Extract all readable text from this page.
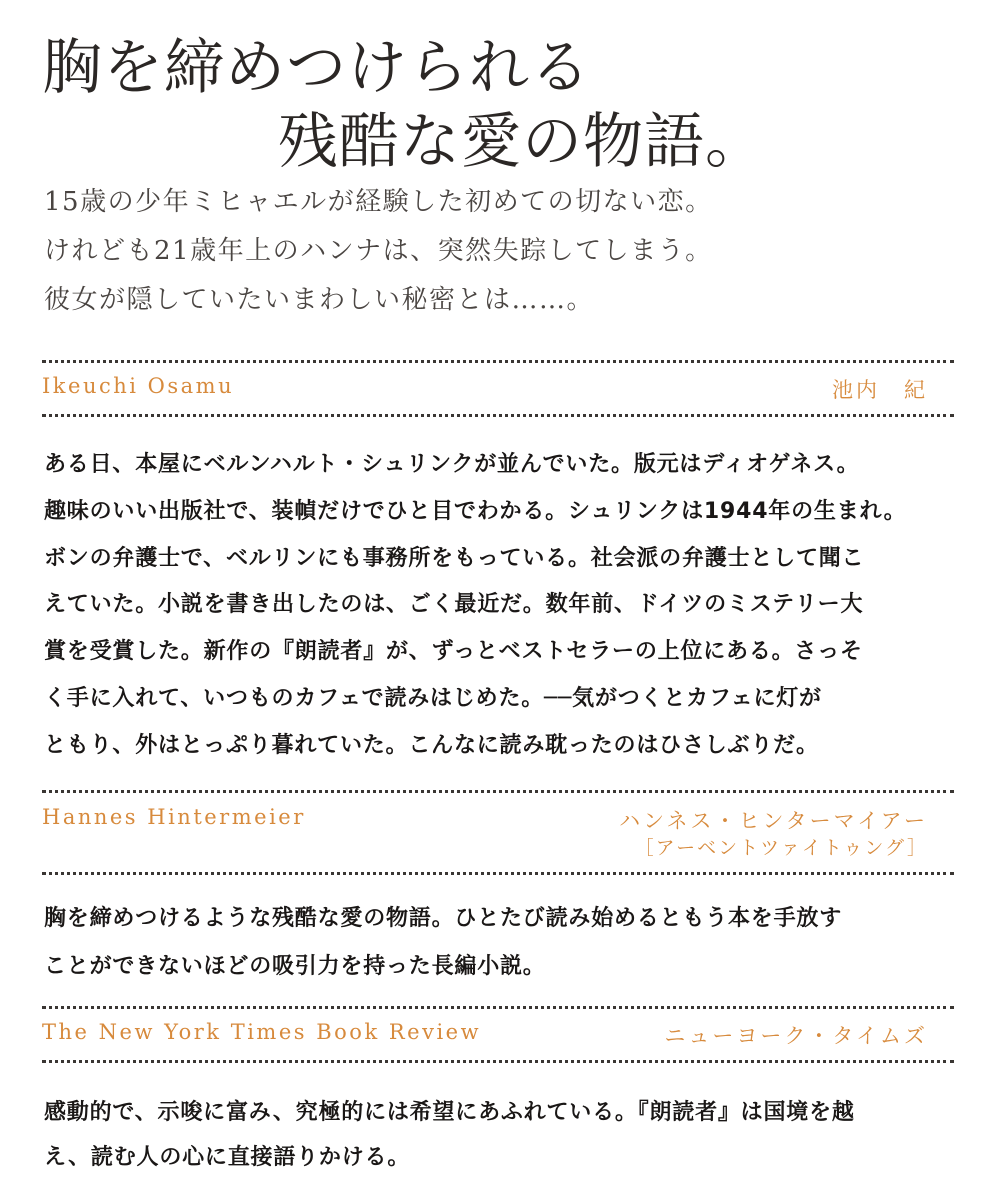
胸を締めつけられる
残酷な愛の物語。
15歳の少年ミヒャエルが経験した初めての切ない恋。
けれども21歳年上のハンナは、突然失踪してしまう。
彼女が隠していたいまわしい秘密とは……。
Ikeuchi Osamu	池内　紀
ある日、本屋にベルンハルト・シュリンクが並んでいた。版元はディオゲネス。
趣味のいい出版社で、装幀だけでひと目でわかる。シュリンクは1944年の生まれ。
ボンの弁護士で、ベルリンにも事務所をもっている。社会派の弁護士として聞こ
えていた。小説を書き出したのは、ごく最近だ。数年前、ドイツのミステリー大
賞を受賞した。新作の『朗読者』が、ずっとベストセラーの上位にある。さっそ
く手に入れて、いつものカフェで読みはじめた。──気がつくとカフェに灯が
ともり、外はとっぷり暮れていた。こんなに読み耽ったのはひさしぶりだ。
Hannes Hintermeier	ハンネス・ヒンターマイアー
［アーベントツァイトゥング］
胸を締めつけるような残酷な愛の物語。ひとたび読み始めるともう本を手放す
ことができないほどの吸引力を持った長編小説。
The New York Times Book Review	ニューヨーク・タイムズ
感動的で、示唆に富み、究極的には希望にあふれている。『朗読者』は国境を越
え、読む人の心に直接語りかける。
